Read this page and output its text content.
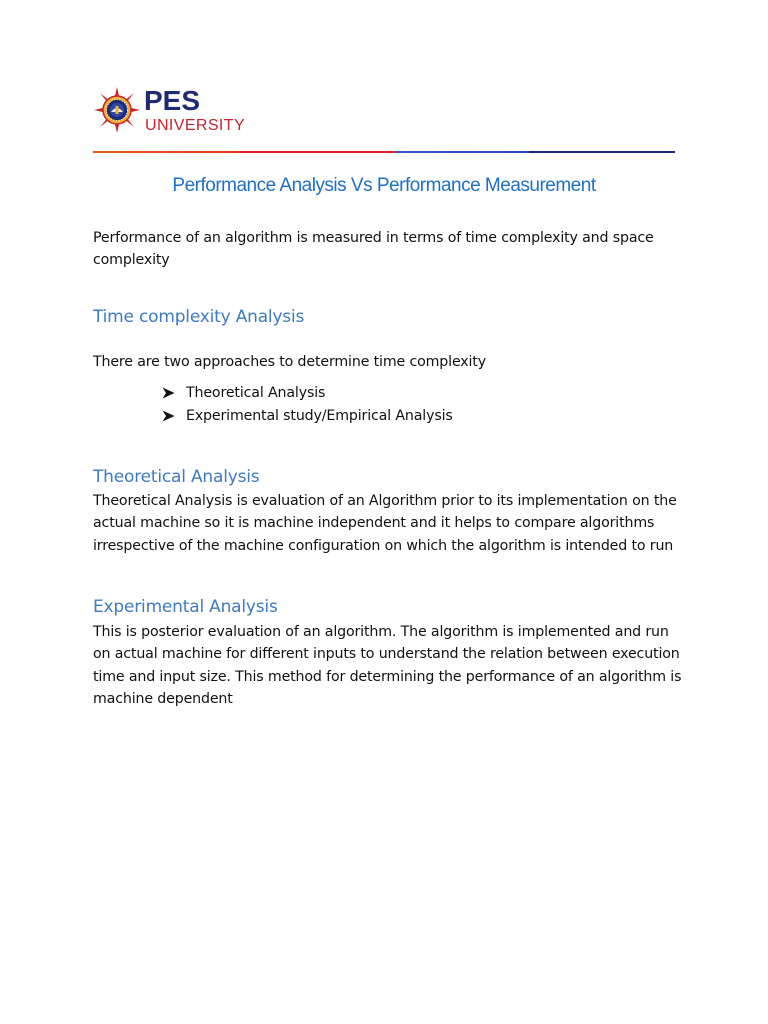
PES
UNIVERSITY
Performance Analysis Vs Performance Measurement

Performance of an algorithm is measured in terms of time complexity and space complexity

Time complexity Analysis

There are two approaches to determine time complexity

Theoretical Analysis
Experimental study/Empirical Analysis
Theoretical Analysis

Theoretical Analysis is evaluation of an Algorithm prior to its implementation on the actual machine so it is machine independent and it helps to compare algorithms irrespective of the machine configuration on which the algorithm is intended to run

Experimental Analysis

This is posterior evaluation of an algorithm. The algorithm is implemented and run on actual machine for different inputs to understand the relation between execution time and input size. This method for determining the performance of an algorithm is machine dependent
